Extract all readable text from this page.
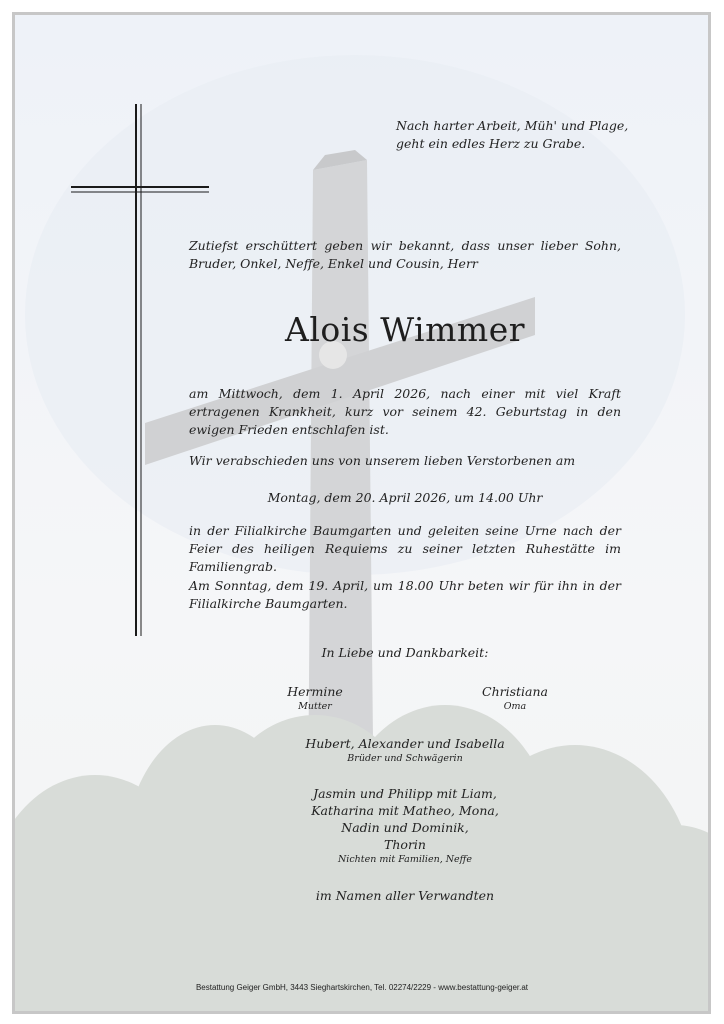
Nach harter Arbeit, Müh' und Plage,
geht ein edles Herz zu Grabe.
Zutiefst erschüttert geben wir bekannt, dass unser lieber Sohn, Bruder, Onkel, Neffe, Enkel und Cousin, Herr
Alois Wimmer
am Mittwoch, dem 1. April 2026, nach einer mit viel Kraft ertragenen Krankheit, kurz vor seinem 42. Geburtstag in den ewigen Frieden entschlafen ist.
Wir verabschieden uns von unserem lieben Verstorbenen am
Montag, dem 20. April 2026, um 14.00 Uhr
in der Filialkirche Baumgarten und geleiten seine Urne nach der Feier des heiligen Requiems zu seiner letzten Ruhestätte im Familiengrab.
Am Sonntag, dem 19. April, um 18.00 Uhr beten wir für ihn in der Filialkirche Baumgarten.
In Liebe und Dankbarkeit:
Hermine
Mutter
Christiana
Oma
Hubert, Alexander und Isabella
Brüder und Schwägerin
Jasmin und Philipp mit Liam,
Katharina mit Matheo, Mona,
Nadin und Dominik,
Thorin
Nichten mit Familien, Neffe
im Namen aller Verwandten
Bestattung Geiger GmbH, 3443 Sieghartskirchen, Tel. 02274/2229 - www.bestattung-geiger.at
